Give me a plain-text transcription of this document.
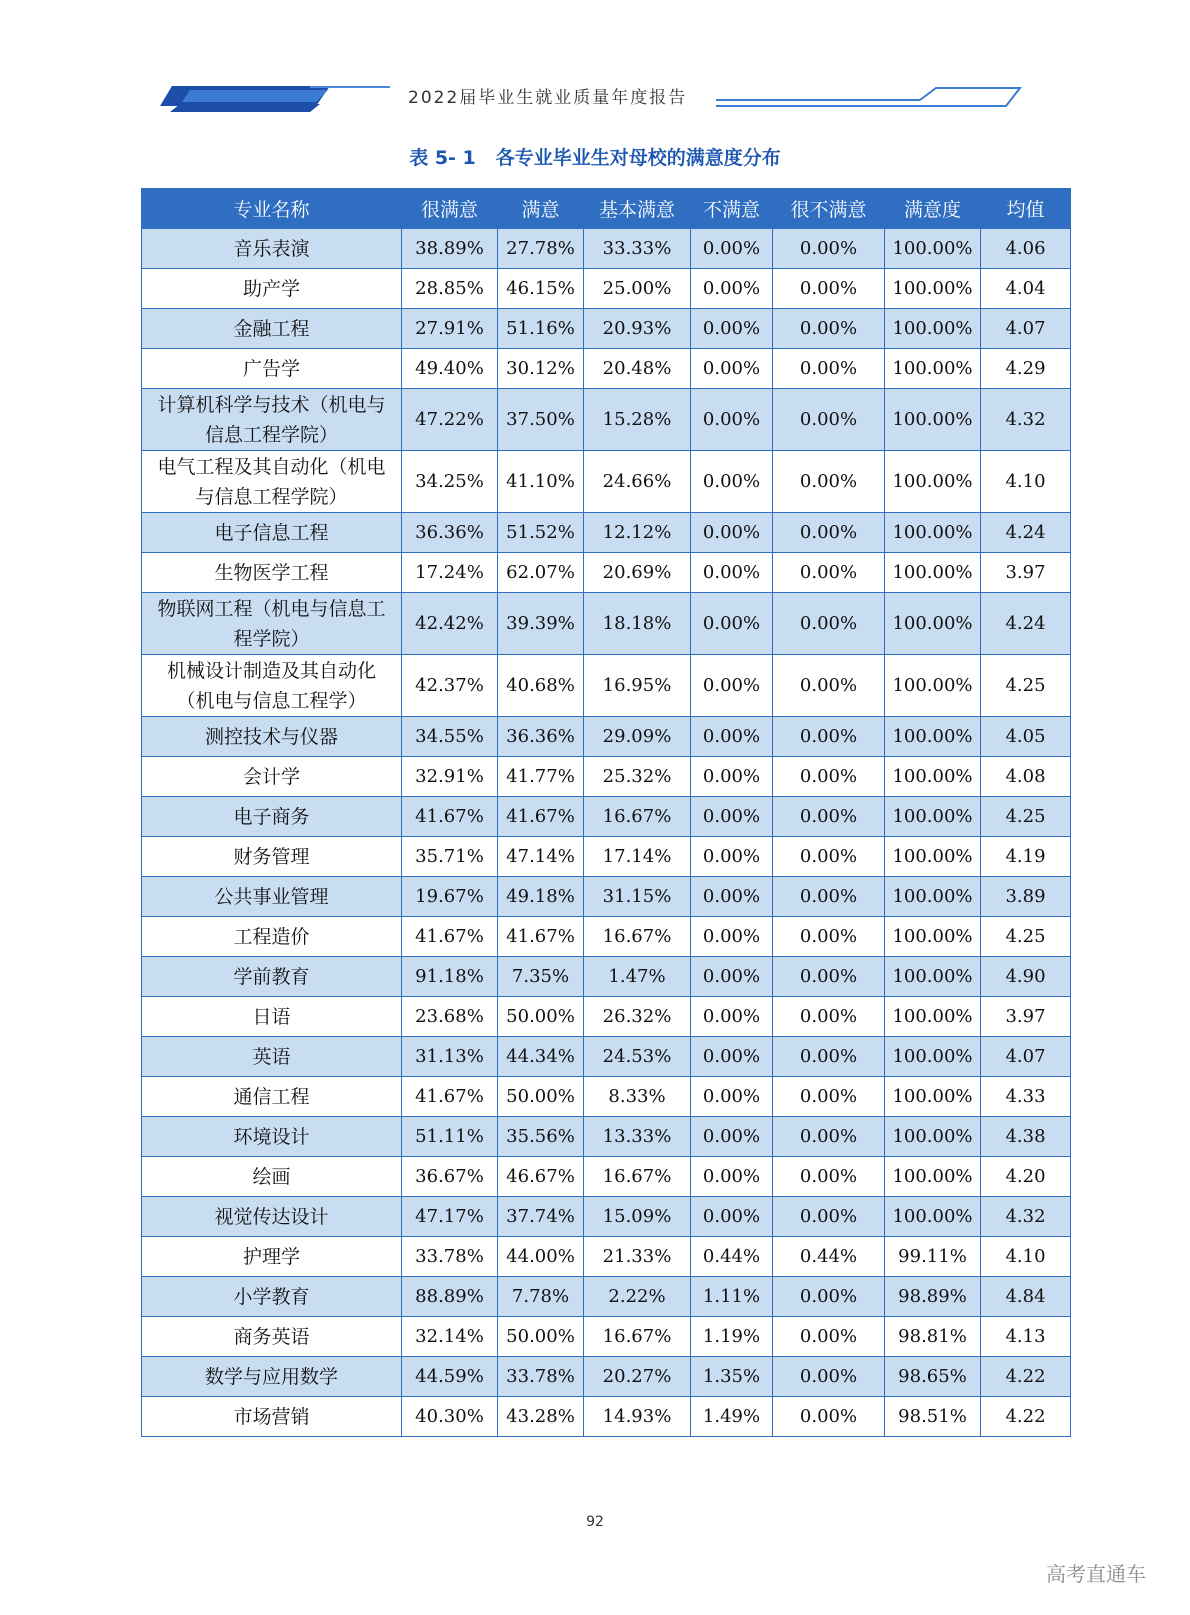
2022届毕业生就业质量年度报告
表 5- 1 各专业毕业生对母校的满意度分布
专业名称	很满意	满意	基本满意	不满意	很不满意	满意度	均值
音乐表演	38.89%	27.78%	33.33%	0.00%	0.00%	100.00%	4.06
助产学	28.85%	46.15%	25.00%	0.00%	0.00%	100.00%	4.04
金融工程	27.91%	51.16%	20.93%	0.00%	0.00%	100.00%	4.07
广告学	49.40%	30.12%	20.48%	0.00%	0.00%	100.00%	4.29
计算机科学与技术（机电与信息工程学院）	47.22%	37.50%	15.28%	0.00%	0.00%	100.00%	4.32
电气工程及其自动化（机电与信息工程学院）	34.25%	41.10%	24.66%	0.00%	0.00%	100.00%	4.10
电子信息工程	36.36%	51.52%	12.12%	0.00%	0.00%	100.00%	4.24
生物医学工程	17.24%	62.07%	20.69%	0.00%	0.00%	100.00%	3.97
物联网工程（机电与信息工程学院）	42.42%	39.39%	18.18%	0.00%	0.00%	100.00%	4.24
机械设计制造及其自动化（机电与信息工程学）	42.37%	40.68%	16.95%	0.00%	0.00%	100.00%	4.25
测控技术与仪器	34.55%	36.36%	29.09%	0.00%	0.00%	100.00%	4.05
会计学	32.91%	41.77%	25.32%	0.00%	0.00%	100.00%	4.08
电子商务	41.67%	41.67%	16.67%	0.00%	0.00%	100.00%	4.25
财务管理	35.71%	47.14%	17.14%	0.00%	0.00%	100.00%	4.19
公共事业管理	19.67%	49.18%	31.15%	0.00%	0.00%	100.00%	3.89
工程造价	41.67%	41.67%	16.67%	0.00%	0.00%	100.00%	4.25
学前教育	91.18%	7.35%	1.47%	0.00%	0.00%	100.00%	4.90
日语	23.68%	50.00%	26.32%	0.00%	0.00%	100.00%	3.97
英语	31.13%	44.34%	24.53%	0.00%	0.00%	100.00%	4.07
通信工程	41.67%	50.00%	8.33%	0.00%	0.00%	100.00%	4.33
环境设计	51.11%	35.56%	13.33%	0.00%	0.00%	100.00%	4.38
绘画	36.67%	46.67%	16.67%	0.00%	0.00%	100.00%	4.20
视觉传达设计	47.17%	37.74%	15.09%	0.00%	0.00%	100.00%	4.32
护理学	33.78%	44.00%	21.33%	0.44%	0.44%	99.11%	4.10
小学教育	88.89%	7.78%	2.22%	1.11%	0.00%	98.89%	4.84
商务英语	32.14%	50.00%	16.67%	1.19%	0.00%	98.81%	4.13
数学与应用数学	44.59%	33.78%	20.27%	1.35%	0.00%	98.65%	4.22
市场营销	40.30%	43.28%	14.93%	1.49%	0.00%	98.51%	4.22
92
高考直通车
